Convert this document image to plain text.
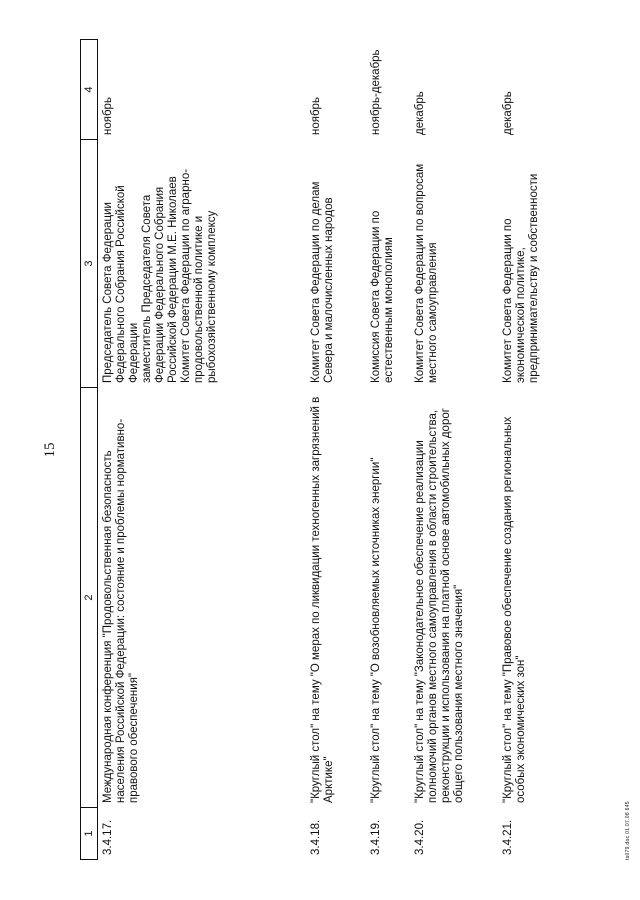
15
1	2	3	4
3.4.17.	Международная конференция "Продовольственная безопасность населения Российской Федерации: состояние и проблемы нормативно-правового обеспечения"	Председатель Совета Федерации Федерального Собрания Российской Федерации
заместитель Председателя Совета Федерации Федерального Собрания Российской Федерации М.Е. Николаев
Комитет Совета Федерации по аграрно-продовольственной политике и рыбохозяйственному комплексу	ноябрь
3.4.18.	"Круглый стол" на тему "О мерах по ликвидации техногенных загрязнений в Арктике"	Комитет Совета Федерации по делам Севера и малочисленных народов	ноябрь
3.4.19.	"Круглый стол" на тему "О возобновляемых источниках энергии"	Комиссия Совета Федерации по естественным монополиям	ноябрь-декабрь
3.4.20.	"Круглый стол" на тему "Законодательное обеспечение реализации полномочий органов местного самоуправления в области строительства, реконструкции и использования на платной основе автомобильных дорог общего пользования местного значения"	Комитет Совета Федерации по вопросам местного самоуправления	декабрь
3.4.21.	"Круглый стол" на тему "Правовое обеспечение создания региональных особых экономических зон"	Комитет Совета Федерации по экономической политике, предпринимательству и собственности	декабрь
ts079.doc 01.07.08 645
